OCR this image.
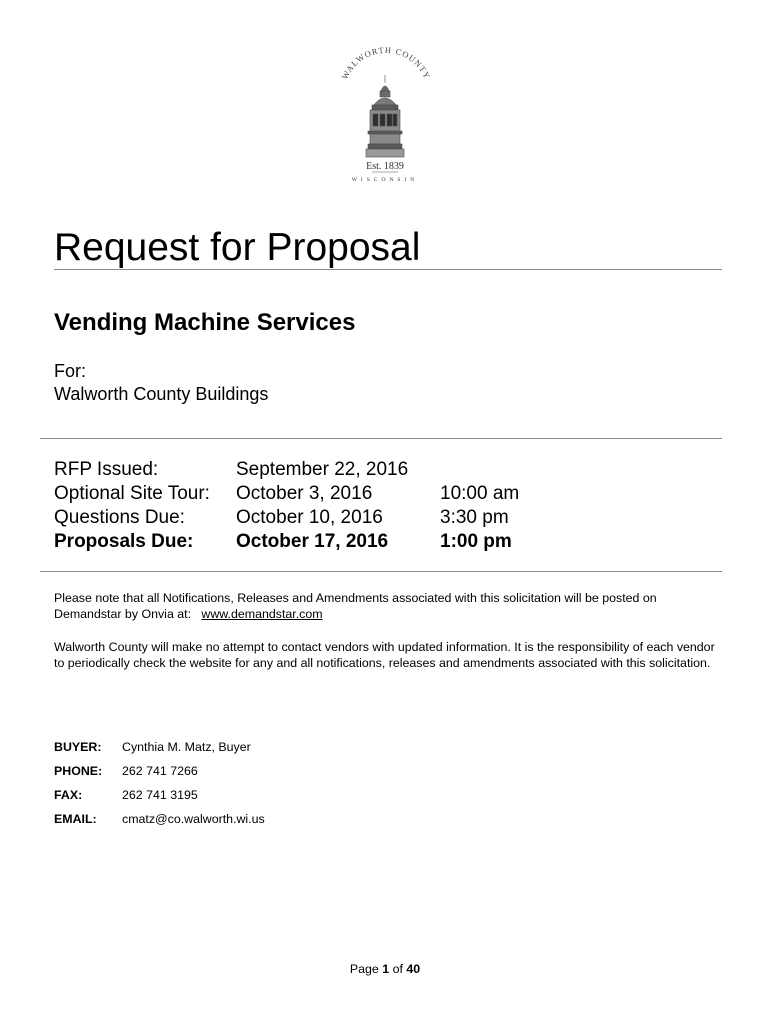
WALWORTH COUNTY
Est. 1839
WISCONSIN
Request for Proposal
Vending Machine Services
For:
Walworth County Buildings
RFP Issued:	September 22, 2016
Optional Site Tour: October 3, 2016	10:00 am
Questions Due:	October 10, 2016	3:30 pm
Proposals Due: October 17, 2016	1:00 pm
Please note that all Notifications, Releases and Amendments associated with this solicitation will be posted on Demandstar by Onvia at: www.demandstar.com
Walworth County will make no attempt to contact vendors with updated information. It is the responsibility of each vendor to periodically check the website for any and all notifications, releases and amendments associated with this solicitation.
BUYER: Cynthia M. Matz, Buyer
PHONE: 262 741 7266
FAX:	262 741 3195
EMAIL: cmatz@co.walworth.wi.us
Page 1 of 40
